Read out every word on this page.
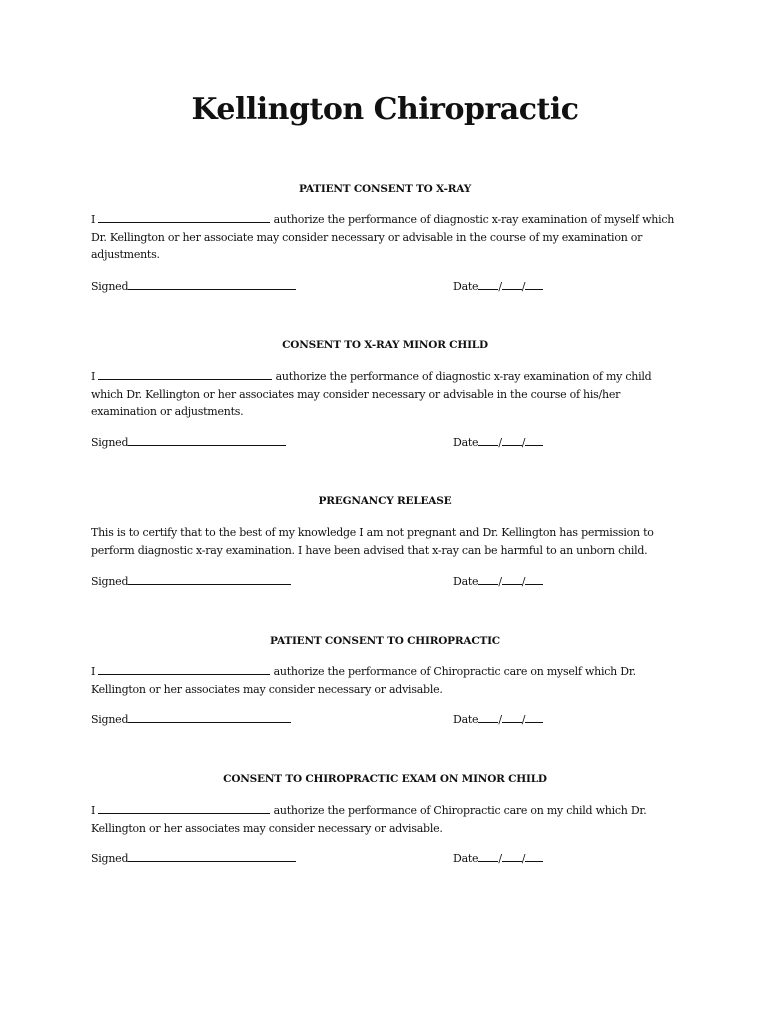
Kellington Chiropractic
PATIENT CONSENT TO X-RAY
I	authorize the performance of diagnostic x-ray examination of myself which Dr. Kellington or her associate may consider necessary or advisable in the course of my examination or adjustments.
Signed	Date / /
CONSENT TO X-RAY MINOR CHILD
I	authorize the performance of diagnostic x-ray examination of my child which Dr. Kellington or her associates may consider necessary or advisable in the course of his/her examination or adjustments.
Signed	Date / /
PREGNANCY RELEASE
This is to certify that to the best of my knowledge I am not pregnant and Dr. Kellington has permission to perform diagnostic x-ray examination. I have been advised that x-ray can be harmful to an unborn child.
Signed	Date / /
PATIENT CONSENT TO CHIROPRACTIC
I	authorize the performance of Chiropractic care on myself which Dr. Kellington or her associates may consider necessary or advisable.
Signed	Date / /
CONSENT TO CHIROPRACTIC EXAM ON MINOR CHILD
I	authorize the performance of Chiropractic care on my child which Dr. Kellington or her associates may consider necessary or advisable.
Signed	Date / /
